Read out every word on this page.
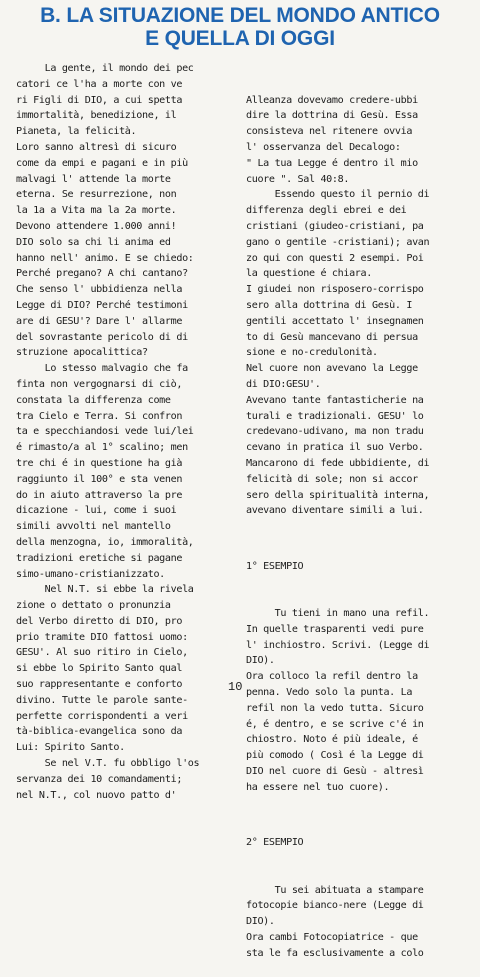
B. LA SITUAZIONE DEL MONDO ANTICO
E QUELLA DI OGGI
La gente, il mondo dei pec
catori ce l'ha a morte con ve
ri Figli di DIO, a cui spetta
immortalità, benedizione, il
Pianeta, la felicità.
Loro sanno altresì di sicuro
come da empi e pagani e in più
malvagi l' attende la morte
eterna. Se resurrezione, non
la 1a a Vita ma la 2a morte.
Devono attendere 1.000 anni!
DIO solo sa chi li anima ed
hanno nell' animo. E se chiedo:
Perché pregano? A chi cantano?
Che senso l' ubbidienza nella
Legge di DIO? Perché testimoni
are di GESU'? Dare l' allarme
del sovrastante pericolo di di
struzione apocalittica?
Lo stesso malvagio che fa
finta non vergognarsi di ciò,
constata la differenza come
tra Cielo e Terra. Si confron
ta e specchiandosi vede lui/lei
é rimasto/a al 1° scalino; men
tre chi é in questione ha già
raggiunto il 100° e sta venen
do in aiuto attraverso la pre
dicazione - lui, come i suoi
simili avvolti nel mantello
della menzogna, io, immoralità,
tradizioni eretiche si pagane
simo-umano-cristianizzato.
Nel N.T. si ebbe la rivela
zione o dettato o pronunzia
del Verbo diretto di DIO, pro
prio tramite DIO fattosi uomo:
GESU'. Al suo ritiro in Cielo,
si ebbe lo Spirito Santo qual
suo rappresentante e conforto
divino. Tutte le parole sante-
perfette corrispondenti a veri
tà-biblica-evangelica sono da
Lui: Spirito Santo.
Se nel V.T. fu obbligo l'os
servanza dei 10 comandamenti;
nel N.T., col nuovo patto d'

Alleanza dovevamo credere-ubbi
dire la dottrina di Gesù. Essa
consisteva nel ritenere ovvia
l' osservanza del Decalogo:
" La tua Legge é dentro il mio
cuore ". Sal 40:8.
Essendo questo il pernio di
differenza degli ebrei e dei
cristiani (giudeo-cristiani, pa
gano o gentile -cristiani); avan
zo qui con questi 2 esempi. Poi
la questione é chiara.
I giudei non risposero-corrispo
sero alla dottrina di Gesù. I
gentili accettato l' insegnamen
to di Gesù mancevano di persua
sione e no-credulonità.
Nel cuore non avevano la Legge
di DIO:GESU'.
Avevano tante fantasticherie na
turali e tradizionali. GESU' lo
credevano-udivano, ma non tradu
cevano in pratica il suo Verbo.
Mancarono di fede ubbidiente, di
felicità di sole; non si accor
sero della spiritualità interna,
avevano diventare simili a lui.

1° ESEMPIO

Tu tieni in mano una refil.
In quelle trasparenti vedi pure
l' inchiostro. Scrivi. (Legge di
DIO).
Ora colloco la refil dentro la
penna. Vedo solo la punta. La
refil non la vedo tutta. Sicuro
é, é dentro, e se scrive c'é in
chiostro. Noto é più ideale, é
più comodo ( Così é la Legge di
DIO nel cuore di Gesù - altresì
ha essere nel tuo cuore).

2° ESEMPIO

Tu sei abituata a stampare
fotocopie bianco-nere (Legge di
DIO).
Ora cambi Fotocopiatrice - que
sta le fa esclusivamente a colo

10
